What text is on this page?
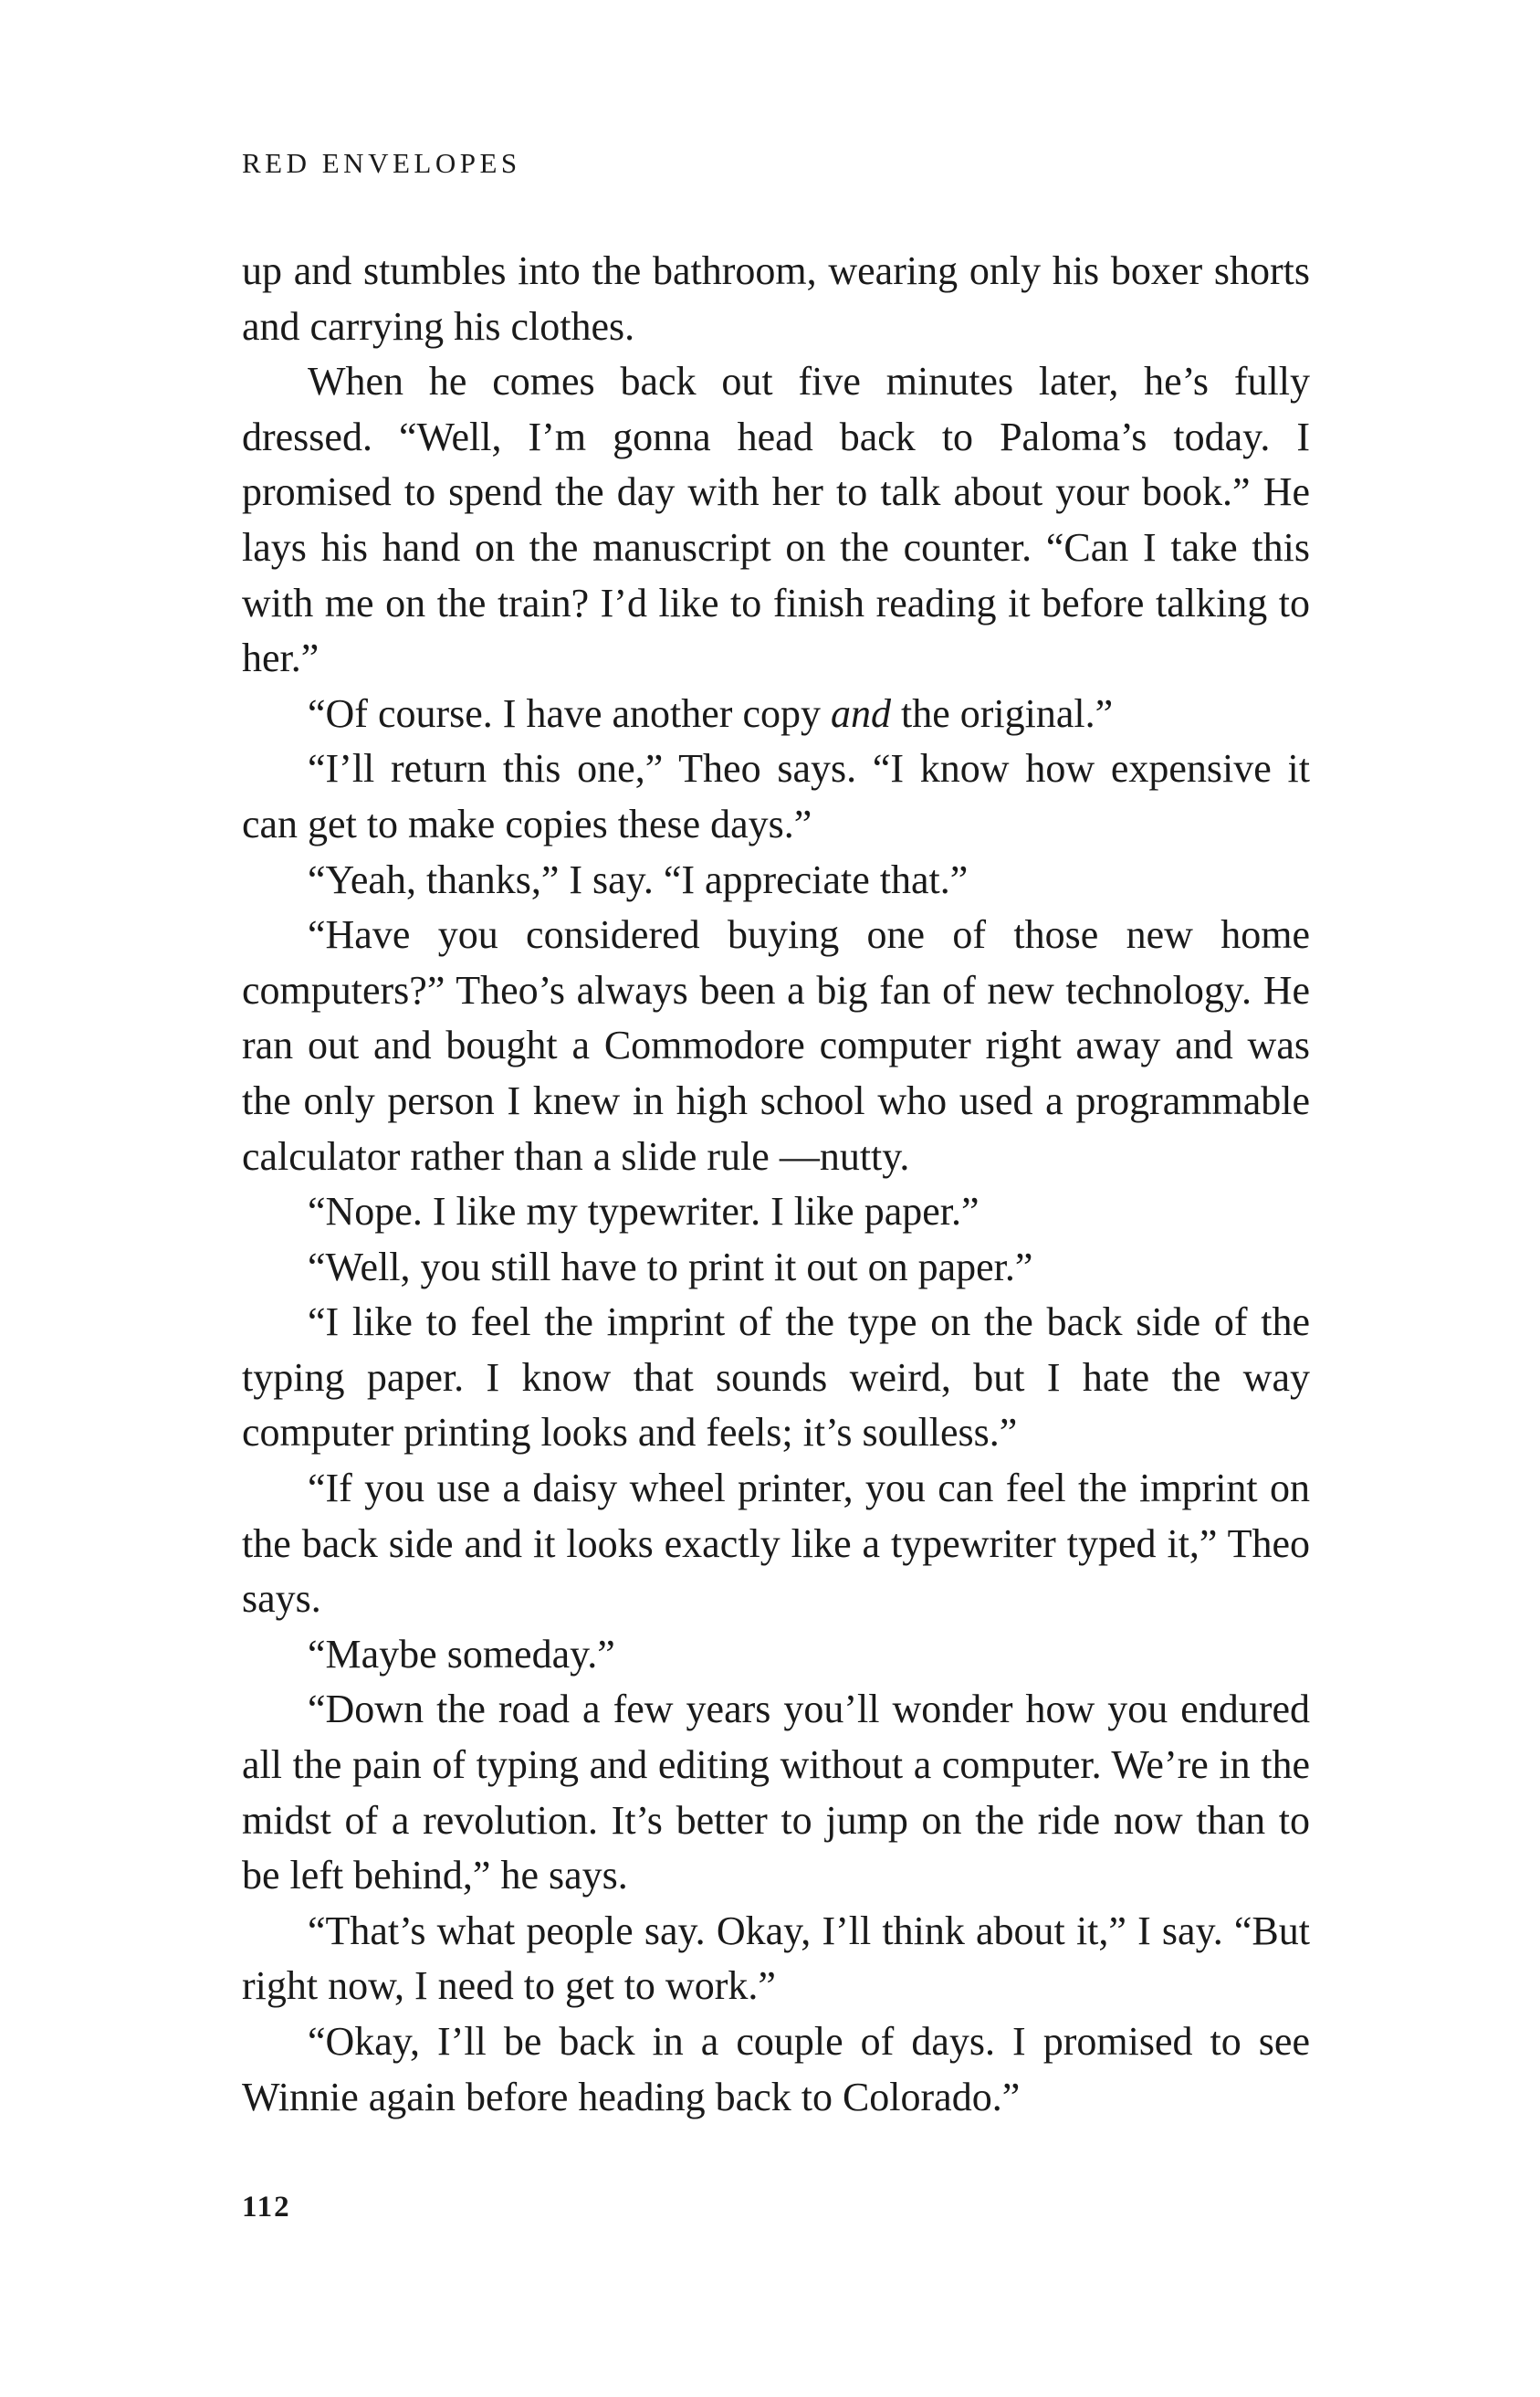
RED ENVELOPES

up and stumbles into the bathroom, wearing only his boxer shorts and carrying his clothes.

When he comes back out five minutes later, he’s fully dressed. “Well, I’m gonna head back to Paloma’s today. I promised to spend the day with her to talk about your book.” He lays his hand on the manuscript on the counter. “Can I take this with me on the train? I’d like to finish reading it before talking to her.”

“Of course. I have another copy and the original.”

“I’ll return this one,” Theo says. “I know how expensive it can get to make copies these days.”

“Yeah, thanks,” I say. “I appreciate that.”

“Have you considered buying one of those new home computers?” Theo’s always been a big fan of new technology. He ran out and bought a Commodore computer right away and was the only person I knew in high school who used a programmable calculator rather than a slide rule —nutty.

“Nope. I like my typewriter. I like paper.”

“Well, you still have to print it out on paper.”

“I like to feel the imprint of the type on the back side of the typing paper. I know that sounds weird, but I hate the way computer printing looks and feels; it’s soulless.”

“If you use a daisy wheel printer, you can feel the imprint on the back side and it looks exactly like a typewriter typed it,” Theo says.

“Maybe someday.”

“Down the road a few years you’ll wonder how you endured all the pain of typing and editing without a computer. We’re in the midst of a revolution. It’s better to jump on the ride now than to be left behind,” he says.

“That’s what people say. Okay, I’ll think about it,” I say. “But right now, I need to get to work.”

“Okay, I’ll be back in a couple of days. I promised to see Winnie again before heading back to Colorado.”

112
